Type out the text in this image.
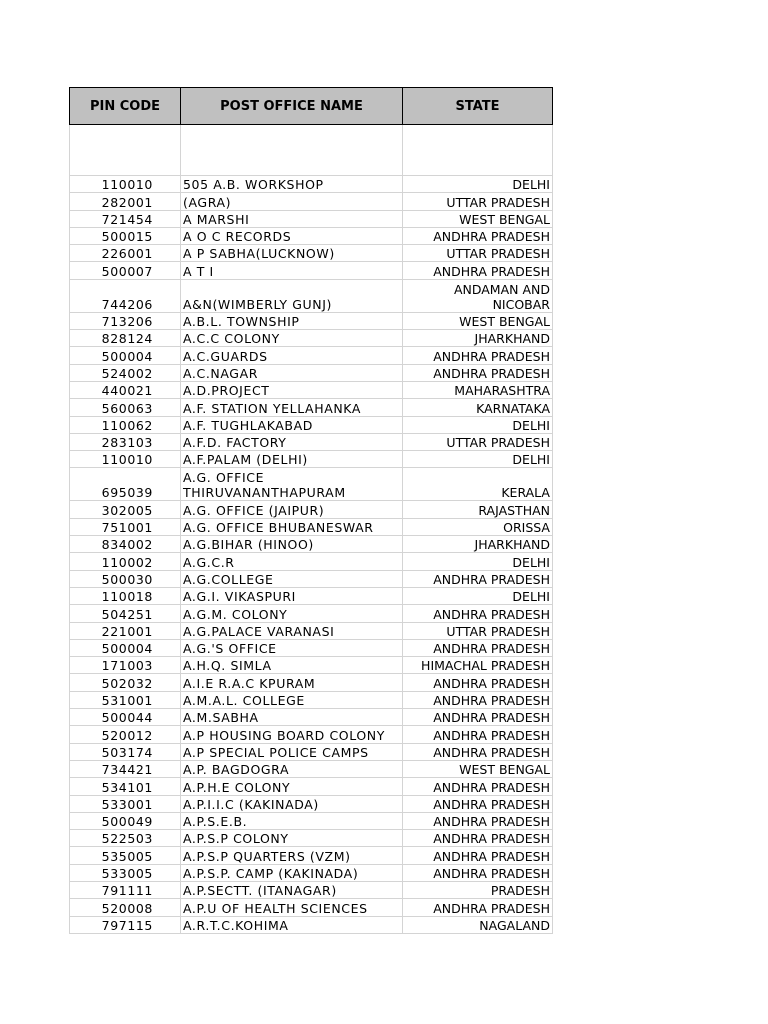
PIN CODE	POST OFFICE NAME	STATE

110010	505 A.B. WORKSHOP	DELHI
282001	(AGRA)	UTTAR PRADESH
721454	A MARSHI	WEST BENGAL
500015	A O C RECORDS	ANDHRA PRADESH
226001	A P SABHA(LUCKNOW)	UTTAR PRADESH
500007	A T I	ANDHRA PRADESH
744206	A&N(WIMBERLY GUNJ)	ANDAMAN AND NICOBAR
713206	A.B.L. TOWNSHIP	WEST BENGAL
828124	A.C.C COLONY	JHARKHAND
500004	A.C.GUARDS	ANDHRA PRADESH
524002	A.C.NAGAR	ANDHRA PRADESH
440021	A.D.PROJECT	MAHARASHTRA
560063	A.F. STATION YELLAHANKA	KARNATAKA
110062	A.F. TUGHLAKABAD	DELHI
283103	A.F.D. FACTORY	UTTAR PRADESH
110010	A.F.PALAM (DELHI)	DELHI
695039	A.G. OFFICE THIRUVANANTHAPURAM	KERALA
302005	A.G. OFFICE (JAIPUR)	RAJASTHAN
751001	A.G. OFFICE BHUBANESWAR	ORISSA
834002	A.G.BIHAR (HINOO)	JHARKHAND
110002	A.G.C.R	DELHI
500030	A.G.COLLEGE	ANDHRA PRADESH
110018	A.G.I. VIKASPURI	DELHI
504251	A.G.M. COLONY	ANDHRA PRADESH
221001	A.G.PALACE VARANASI	UTTAR PRADESH
500004	A.G.'S OFFICE	ANDHRA PRADESH
171003	A.H.Q. SIMLA	HIMACHAL PRADESH
502032	A.I.E R.A.C KPURAM	ANDHRA PRADESH
531001	A.M.A.L. COLLEGE	ANDHRA PRADESH
500044	A.M.SABHA	ANDHRA PRADESH
520012	A.P HOUSING BOARD COLONY	ANDHRA PRADESH
503174	A.P SPECIAL POLICE CAMPS	ANDHRA PRADESH
734421	A.P. BAGDOGRA	WEST BENGAL
534101	A.P.H.E COLONY	ANDHRA PRADESH
533001	A.P.I.I.C (KAKINADA)	ANDHRA PRADESH
500049	A.P.S.E.B.	ANDHRA PRADESH
522503	A.P.S.P COLONY	ANDHRA PRADESH
535005	A.P.S.P QUARTERS (VZM)	ANDHRA PRADESH
533005	A.P.S.P. CAMP (KAKINADA)	ANDHRA PRADESH
791111	A.P.SECTT. (ITANAGAR)	PRADESH
520008	A.P.U OF HEALTH SCIENCES	ANDHRA PRADESH
797115	A.R.T.C.KOHIMA	NAGALAND
